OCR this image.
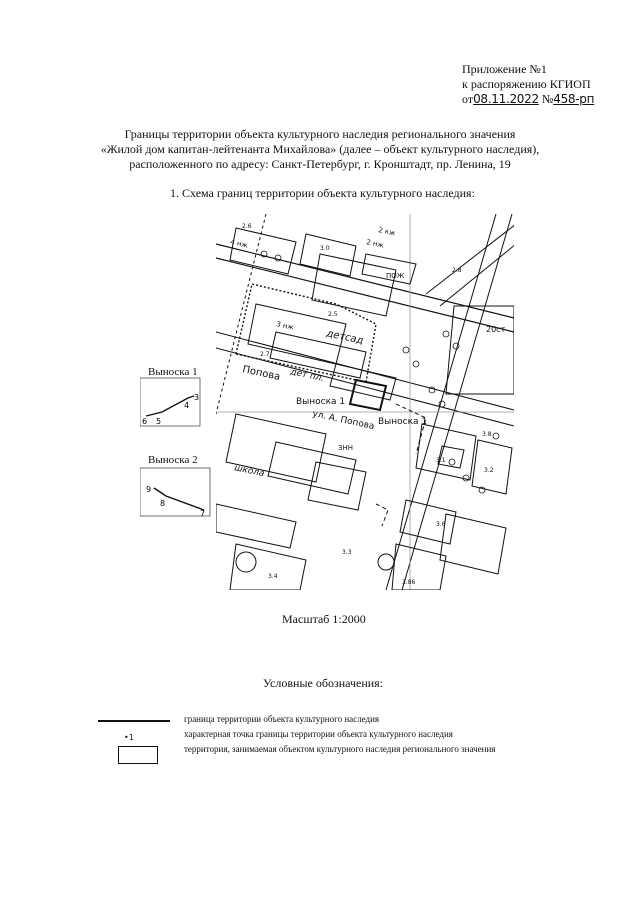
Приложение №1
к распоряжению КГИОП
от08.11.2022 №458-рп
Границы территории объекта культурного наследия регионального значения
«Жилой дом капитан-лейтенанта Михайлова» (далее – объект культурного наследия),
расположенного по адресу: Санкт-Петербург, г. Кронштадт, пр. Ленина, 19
1. Схема границ территории объекта культурного наследия:
Попова
ул. А. Попова
Выноска 1
Выноска 1
детсад
дет пл.
школа
2 нж
3 нж
4 нж
2 кж
ЗНН
ПОЖ
20ст
2.6
3.0
2.5
2.7
3.1
3.2
3.3
3.4
3.86
2.8
3.6
3.8
Выноска 1
6 5
4
3
Выноска 2
9
8
7
Масштаб 1:2000
Условные обозначения:
граница территории объекта культурного наследия
•1	характерная точка границы территории объекта культурного наследия
территория, занимаемая объектом культурного наследия регионального значения
